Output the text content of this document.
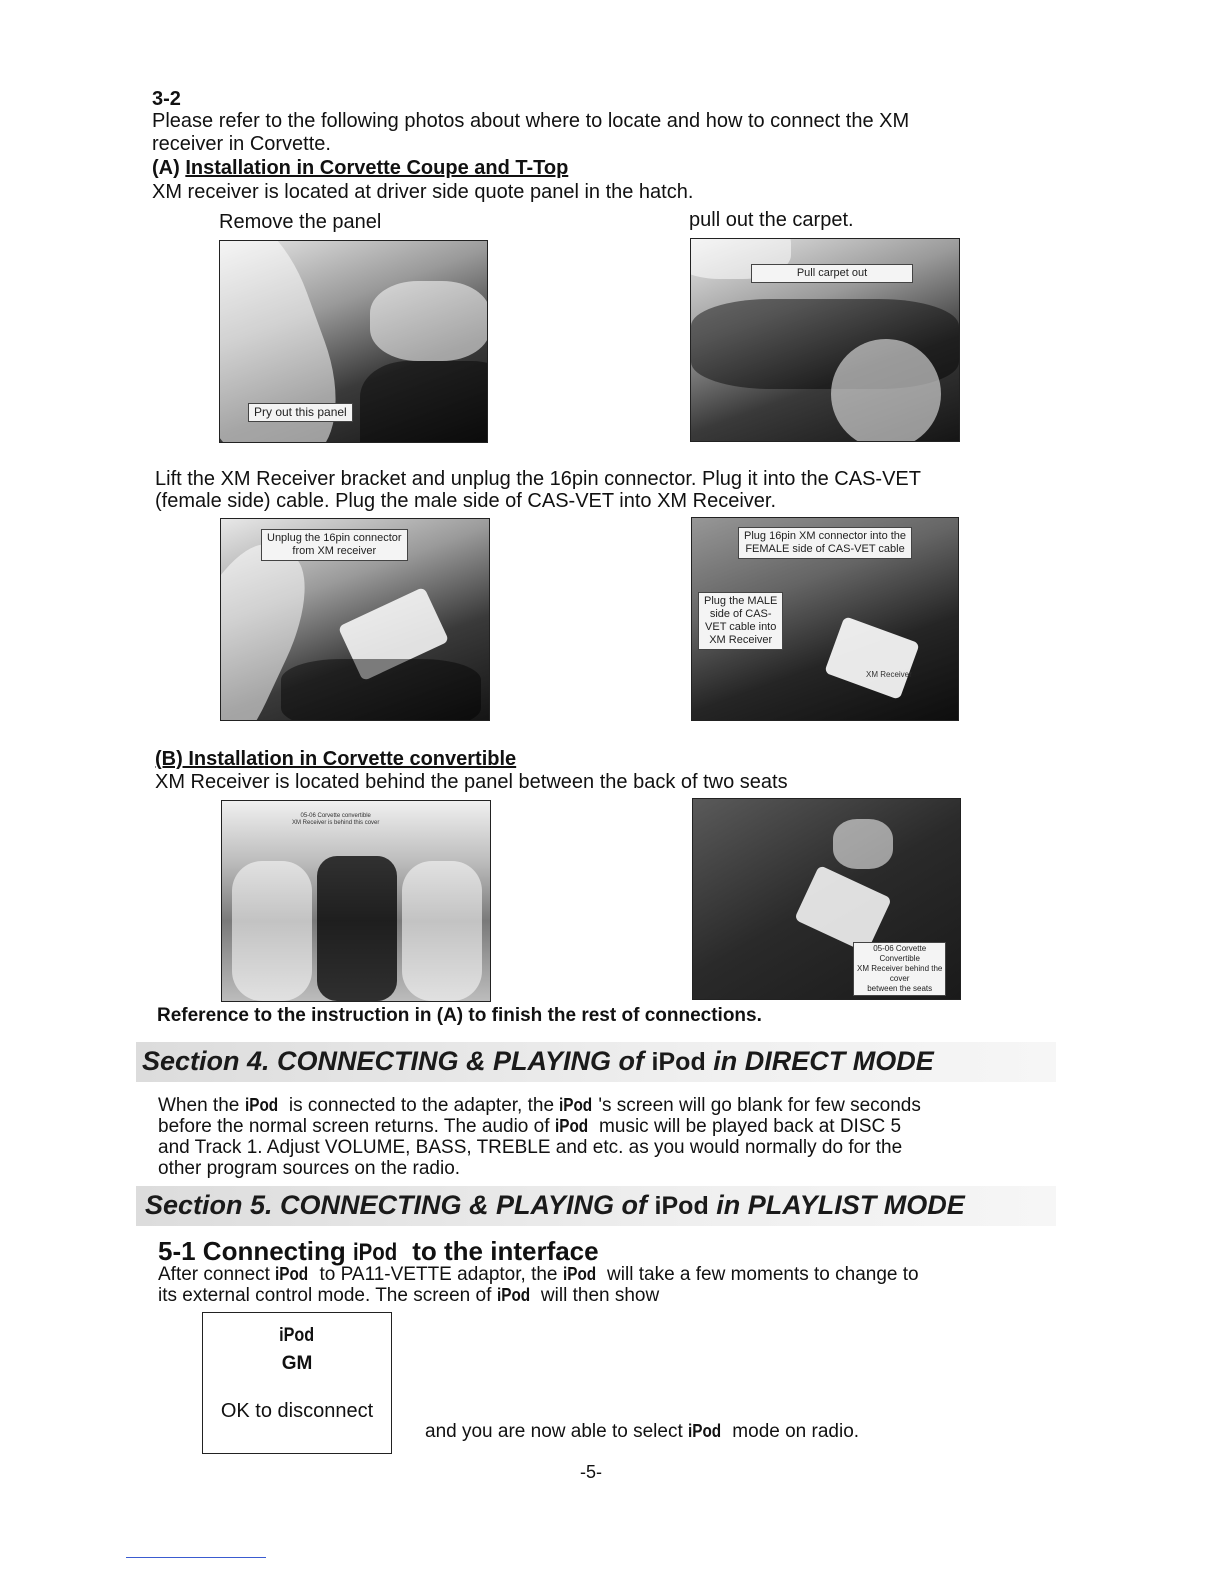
3-2
Please refer to the following photos about where to locate and how to connect the XM
receiver in Corvette.
(A) Installation in Corvette Coupe and T-Top
XM receiver is located at driver side quote panel in the hatch.
Remove the panel	pull out the carpet.
Pry out this panel
Pull carpet out
Lift the XM Receiver bracket and unplug the 16pin connector. Plug it into the CAS-VET
(female side) cable. Plug the male side of CAS-VET into XM Receiver.
Unplug the 16pin connector
from XM receiver
Plug 16pin XM connector into the
FEMALE side of CAS-VET cable
Plug the MALE
side of CAS-
VET cable into
XM Receiver
XM Receiver
(B) Installation in Corvette convertible
XM Receiver is located behind the panel between the back of two seats
05-06 Corvette convertible
XM Receiver is behind this cover
05-06 Corvette
Convertible
XM Receiver behind the
cover
between the seats
Reference to the instruction in (A) to finish the rest of connections.
Section 4. CONNECTING & PLAYING of iPod in DIRECT MODE
When the iPod is connected to the adapter, the iPod 's screen will go blank for few seconds
before the normal screen returns. The audio of iPod music will be played back at DISC 5
and Track 1. Adjust VOLUME, BASS, TREBLE and etc. as you would normally do for the
other program sources on the radio.
Section 5. CONNECTING & PLAYING of iPod in PLAYLIST MODE
5-1 Connecting iPod to the interface
After connect iPod to PA11-VETTE adaptor, the iPod will take a few moments to change to
its external control mode. The screen of iPod will then show
iPod
GM
OK to disconnect
and you are now able to select iPod mode on radio.
-5-
